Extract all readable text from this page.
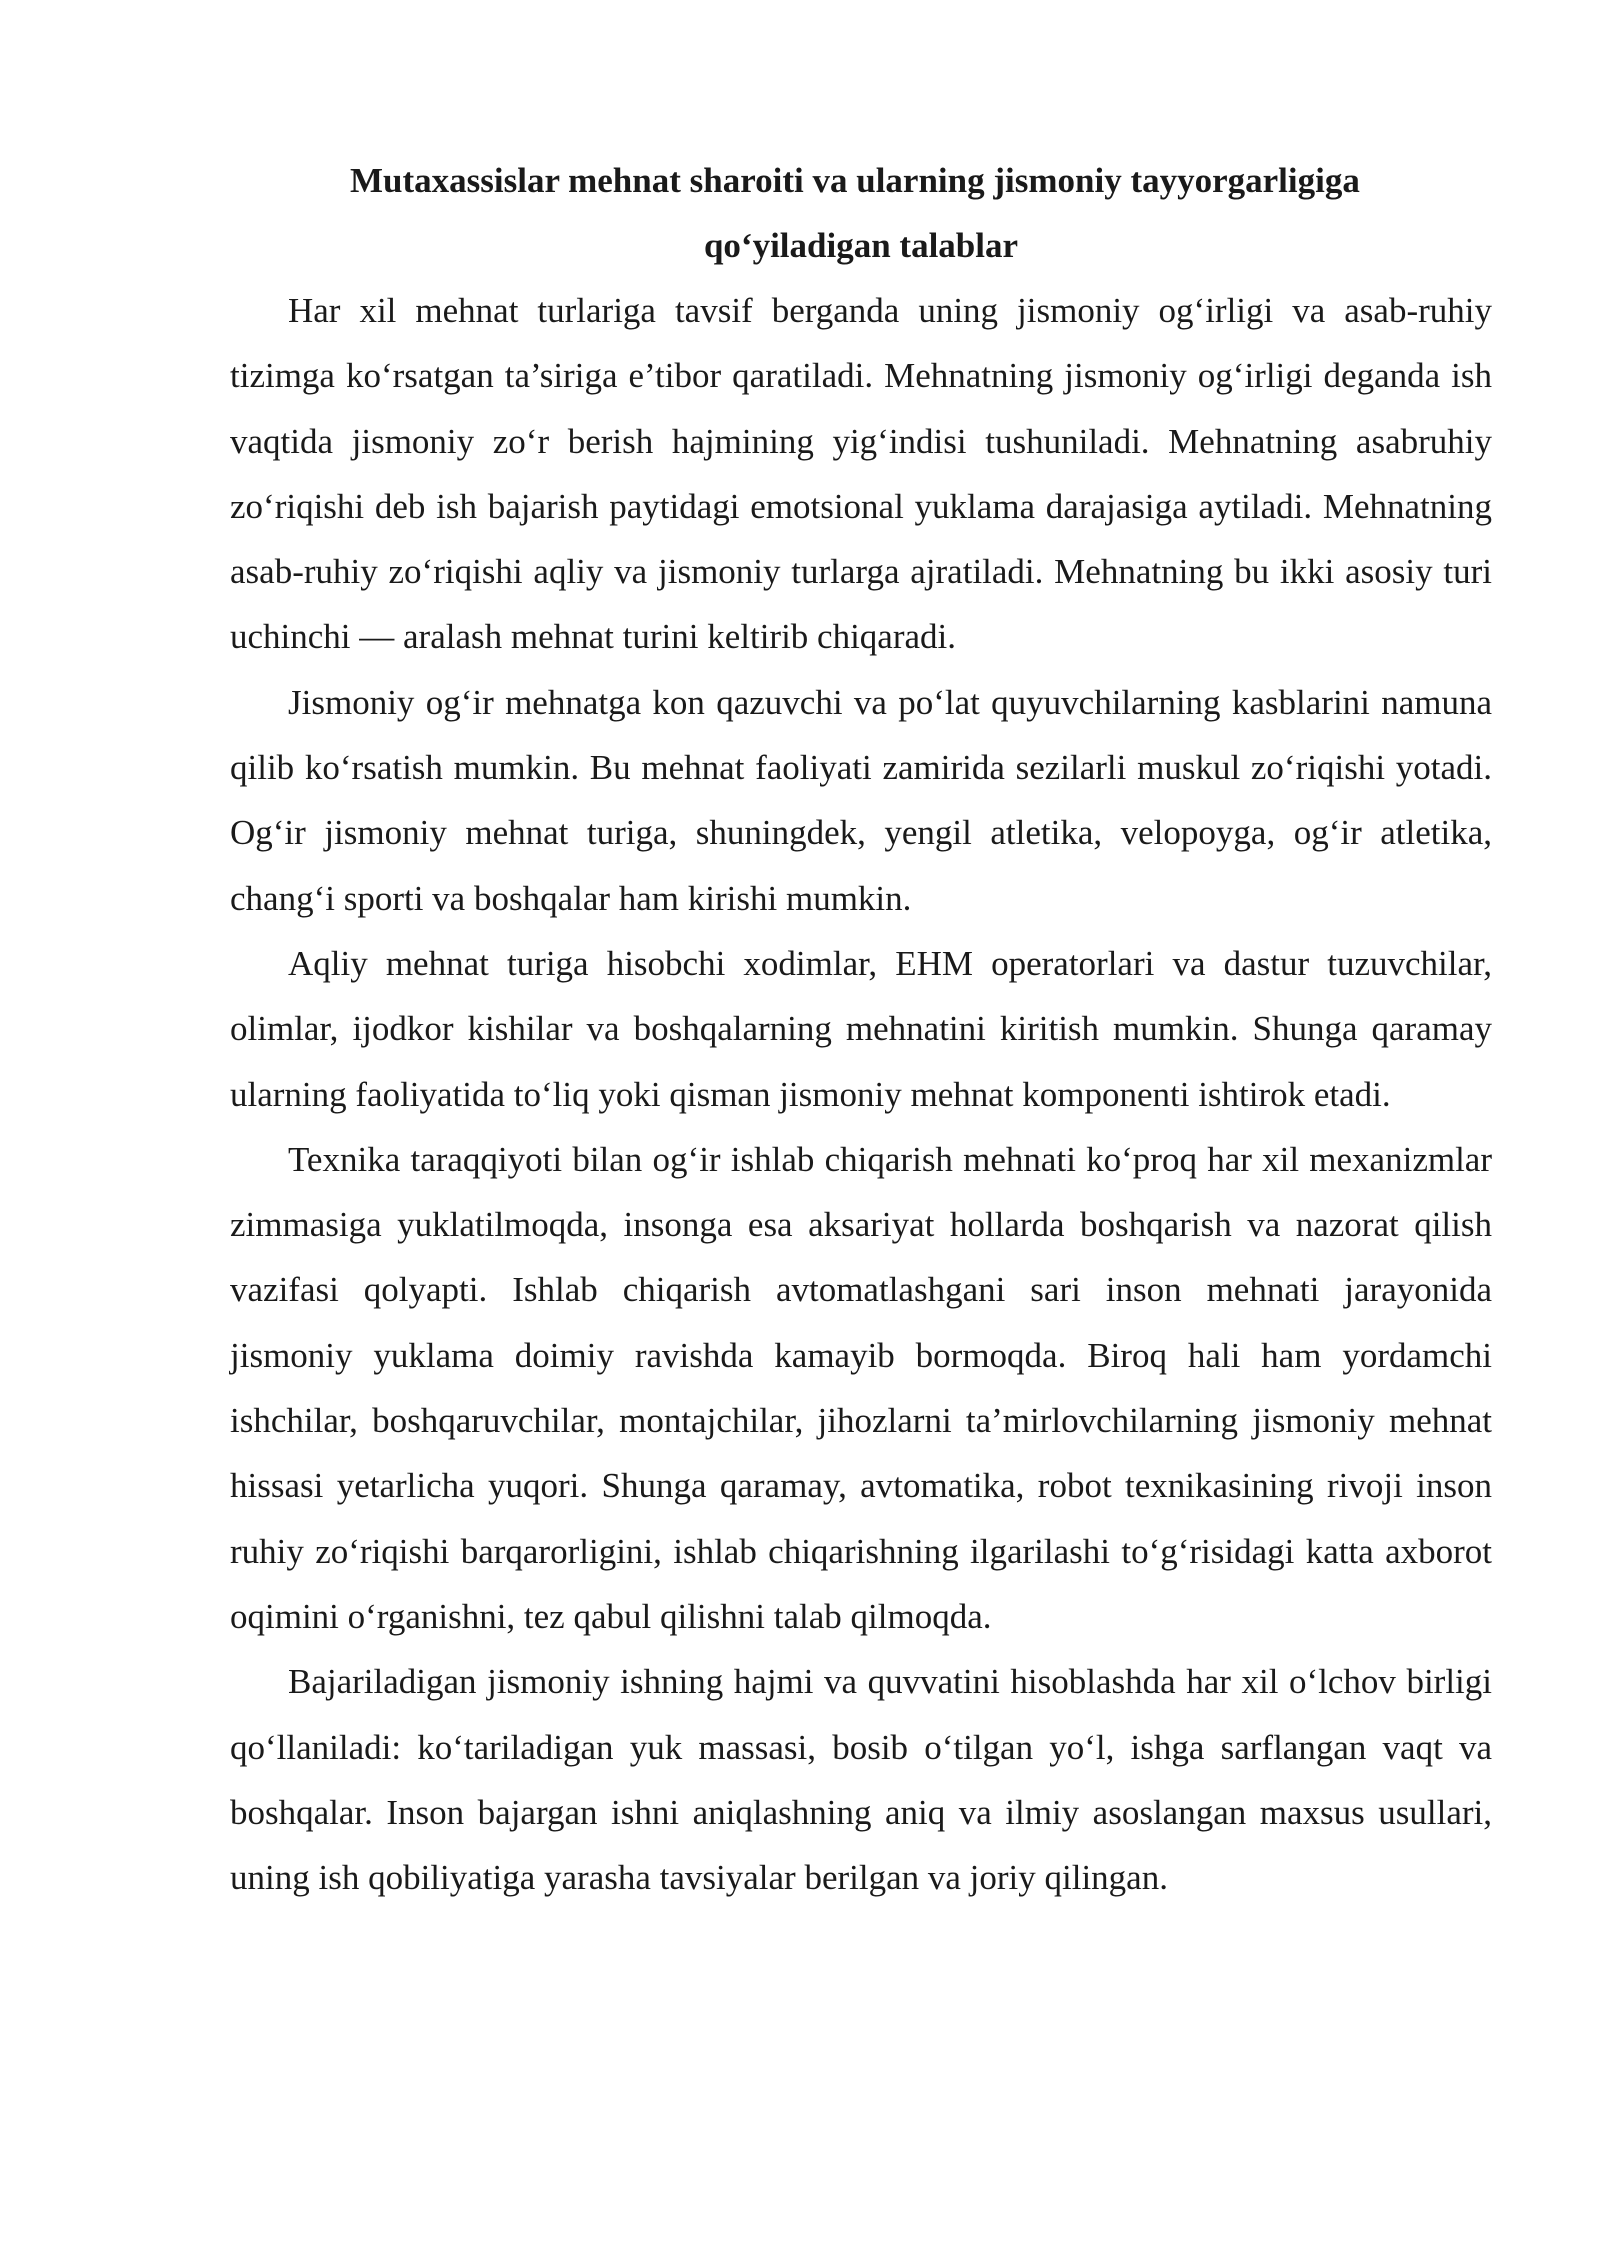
Mutaxassislar mehnat sharoiti va ularning jismoniy tayyorgarligiga
qo‘yiladigan talablar

Har xil mehnat turlariga tavsif berganda uning jismoniy og‘irligi va asab-ruhiy tizimga ko‘rsatgan ta’siriga e’tibor qaratiladi. Mehnatning jismoniy og‘irligi deganda ish vaqtida jismoniy zo‘r berish hajmining yig‘indisi tushuniladi. Mehnatning asabruhiy zo‘riqishi deb ish bajarish paytidagi emotsional yuklama darajasiga aytiladi. Mehnatning asab-ruhiy zo‘riqishi aqliy va jismoniy turlarga ajratiladi. Mehnatning bu ikki asosiy turi uchinchi — aralash mehnat turini keltirib chiqaradi.

Jismoniy og‘ir mehnatga kon qazuvchi va po‘lat quyuvchilarning kasblarini namuna qilib ko‘rsatish mumkin. Bu mehnat faoliyati zamirida sezilarli muskul zo‘riqishi yotadi. Og‘ir jismoniy mehnat turiga, shuningdek, yengil atletika, velopoyga, og‘ir atletika, chang‘i sporti va boshqalar ham kirishi mumkin.

Aqliy mehnat turiga hisobchi xodimlar, EHM operatorlari va dastur tuzuvchilar, olimlar, ijodkor kishilar va boshqalarning mehnatini kiritish mumkin. Shunga qaramay ularning faoliyatida to‘liq yoki qisman jismoniy mehnat komponenti ishtirok etadi.

Texnika taraqqiyoti bilan og‘ir ishlab chiqarish mehnati ko‘proq har xil mexanizmlar zimmasiga yuklatilmoqda, insonga esa aksariyat hollarda boshqarish va nazorat qilish vazifasi qolyapti. Ishlab chiqarish avtomatlashgani sari inson mehnati jarayonida jismoniy yuklama doimiy ravishda kamayib bormoqda. Biroq hali ham yordamchi ishchilar, boshqaruvchilar, montajchilar, jihozlarni ta’mirlovchilarning jismoniy mehnat hissasi yetarlicha yuqori. Shunga qaramay, avtomatika, robot texnikasining rivoji inson ruhiy zo‘riqishi barqarorligini, ishlab chiqarishning ilgarilashi to‘g‘risidagi katta axborot oqimini o‘rganishni, tez qabul qilishni talab qilmoqda.

Bajariladigan jismoniy ishning hajmi va quvvatini hisoblashda har xil o‘lchov birligi qo‘llaniladi: ko‘tariladigan yuk massasi, bosib o‘tilgan yo‘l, ishga sarflangan vaqt va boshqalar. Inson bajargan ishni aniqlashning aniq va ilmiy asoslangan maxsus usullari, uning ish qobiliyatiga yarasha tavsiyalar berilgan va joriy qilingan.
